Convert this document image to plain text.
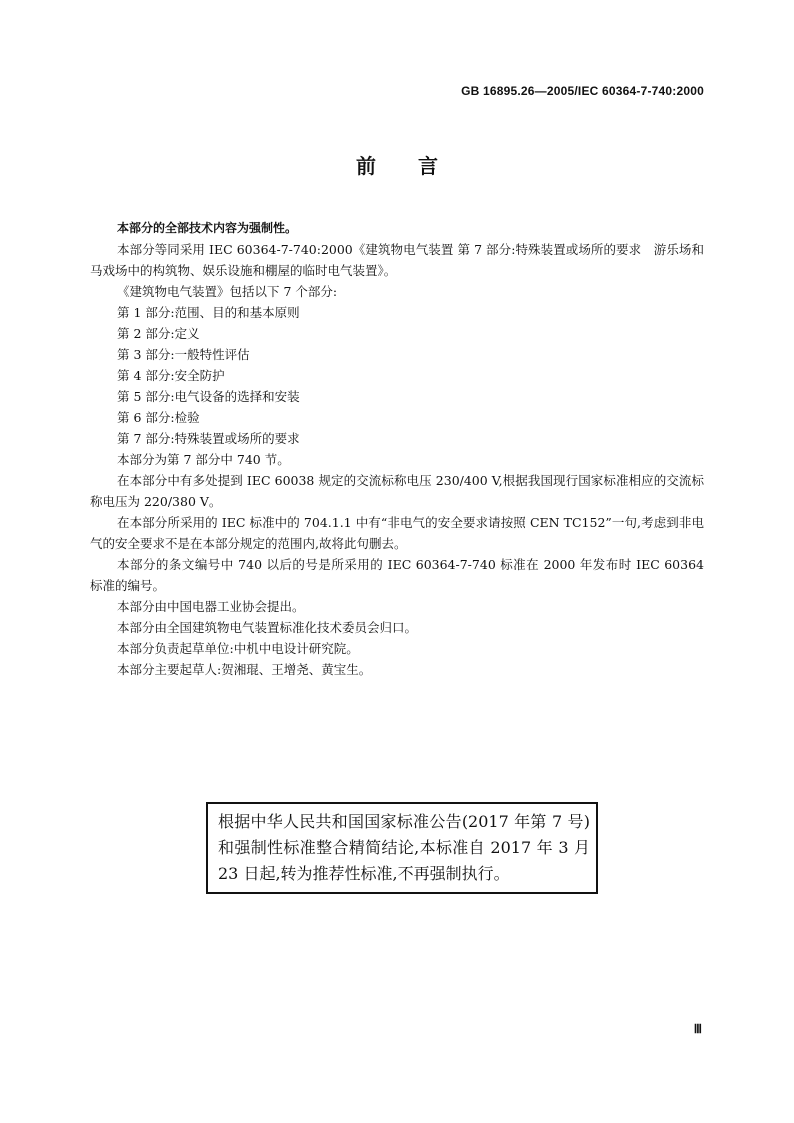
GB 16895.26—2005/IEC 60364-7-740:2000
前言

本部分的全部技术内容为强制性。

本部分等同采用 IEC 60364-7-740:2000《建筑物电气装置 第 7 部分:特殊装置或场所的要求　游乐场和马戏场中的构筑物、娱乐设施和棚屋的临时电气装置》。

《建筑物电气装置》包括以下 7 个部分:

第 1 部分:范围、目的和基本原则

第 2 部分:定义

第 3 部分:一般特性评估

第 4 部分:安全防护

第 5 部分:电气设备的选择和安装

第 6 部分:检验

第 7 部分:特殊装置或场所的要求

本部分为第 7 部分中 740 节。

在本部分中有多处提到 IEC 60038 规定的交流标称电压 230/400 V,根据我国现行国家标准相应的交流标称电压为 220/380 V。

在本部分所采用的 IEC 标准中的 704.1.1 中有“非电气的安全要求请按照 CEN TC152”一句,考虑到非电气的安全要求不是在本部分规定的范围内,故将此句删去。

本部分的条文编号中 740 以后的号是所采用的 IEC 60364-7-740 标准在 2000 年发布时 IEC 60364 标准的编号。

本部分由中国电器工业协会提出。

本部分由全国建筑物电气装置标准化技术委员会归口。

本部分负责起草单位:中机中电设计研究院。

本部分主要起草人:贺湘琨、王增尧、黄宝生。

根据中华人民共和国国家标准公告(2017 年第 7 号)和强制性标准整合精简结论,本标准自 2017 年 3 月 23 日起,转为推荐性标准,不再强制执行。
Ⅲ
